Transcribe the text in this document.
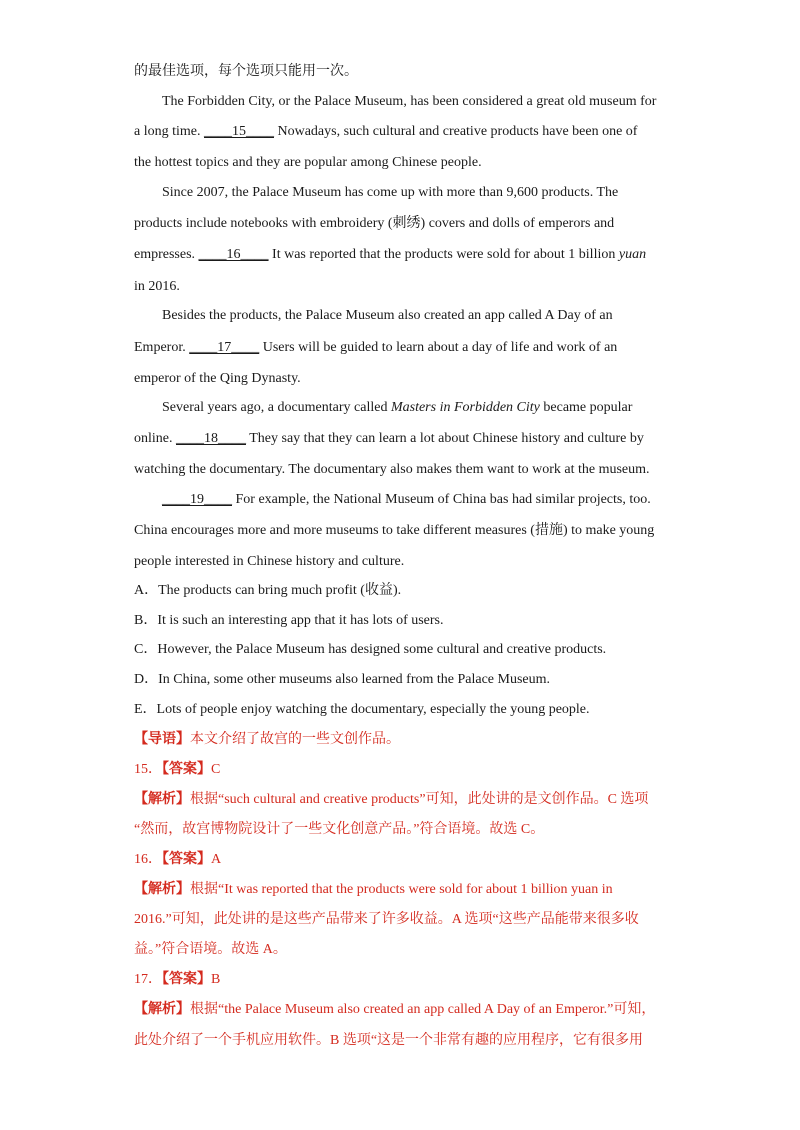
的最佳选项，每个选项只能用一次。
The Forbidden City, or the Palace Museum, has been considered a great old museum for
a long time. ____15____ Nowadays, such cultural and creative products have been one of
the hottest topics and they are popular among Chinese people.
Since 2007, the Palace Museum has come up with more than 9,600 products. The
products include notebooks with embroidery (刺绣) covers and dolls of emperors and
empresses. ____16____ It was reported that the products were sold for about 1 billion yuan
in 2016.
Besides the products, the Palace Museum also created an app called A Day of an
Emperor. ____17____ Users will be guided to learn about a day of life and work of an
emperor of the Qing Dynasty.
Several years ago, a documentary called Masters in Forbidden City became popular
online. ____18____ They say that they can learn a lot about Chinese history and culture by
watching the documentary. The documentary also makes them want to work at the museum.
____19____ For example, the National Museum of China bas had similar projects, too.
China encourages more and more museums to take different measures (措施) to make young
people interested in Chinese history and culture.
A．The products can bring much profit (收益).
B．It is such an interesting app that it has lots of users.
C．However, the Palace Museum has designed some cultural and creative products.
D．In China, some other museums also learned from the Palace Museum.
E．Lots of people enjoy watching the documentary, especially the young people.
【导语】本文介绍了故宫的一些文创作品。
15．【答案】C
【解析】根据“such cultural and creative products”可知，此处讲的是文创作品。C 选项
“然而，故宫博物院设计了一些文化创意产品。”符合语境。故选 C。
16．【答案】A
【解析】根据“It was reported that the products were sold for about 1 billion yuan in
2016.”可知，此处讲的是这些产品带来了许多收益。A 选项“这些产品能带来很多收
益。”符合语境。故选 A。
17．【答案】B
【解析】根据“the Palace Museum also created an app called A Day of an Emperor.”可知，
此处介绍了一个手机应用软件。B 选项“这是一个非常有趣的应用程序，它有很多用
